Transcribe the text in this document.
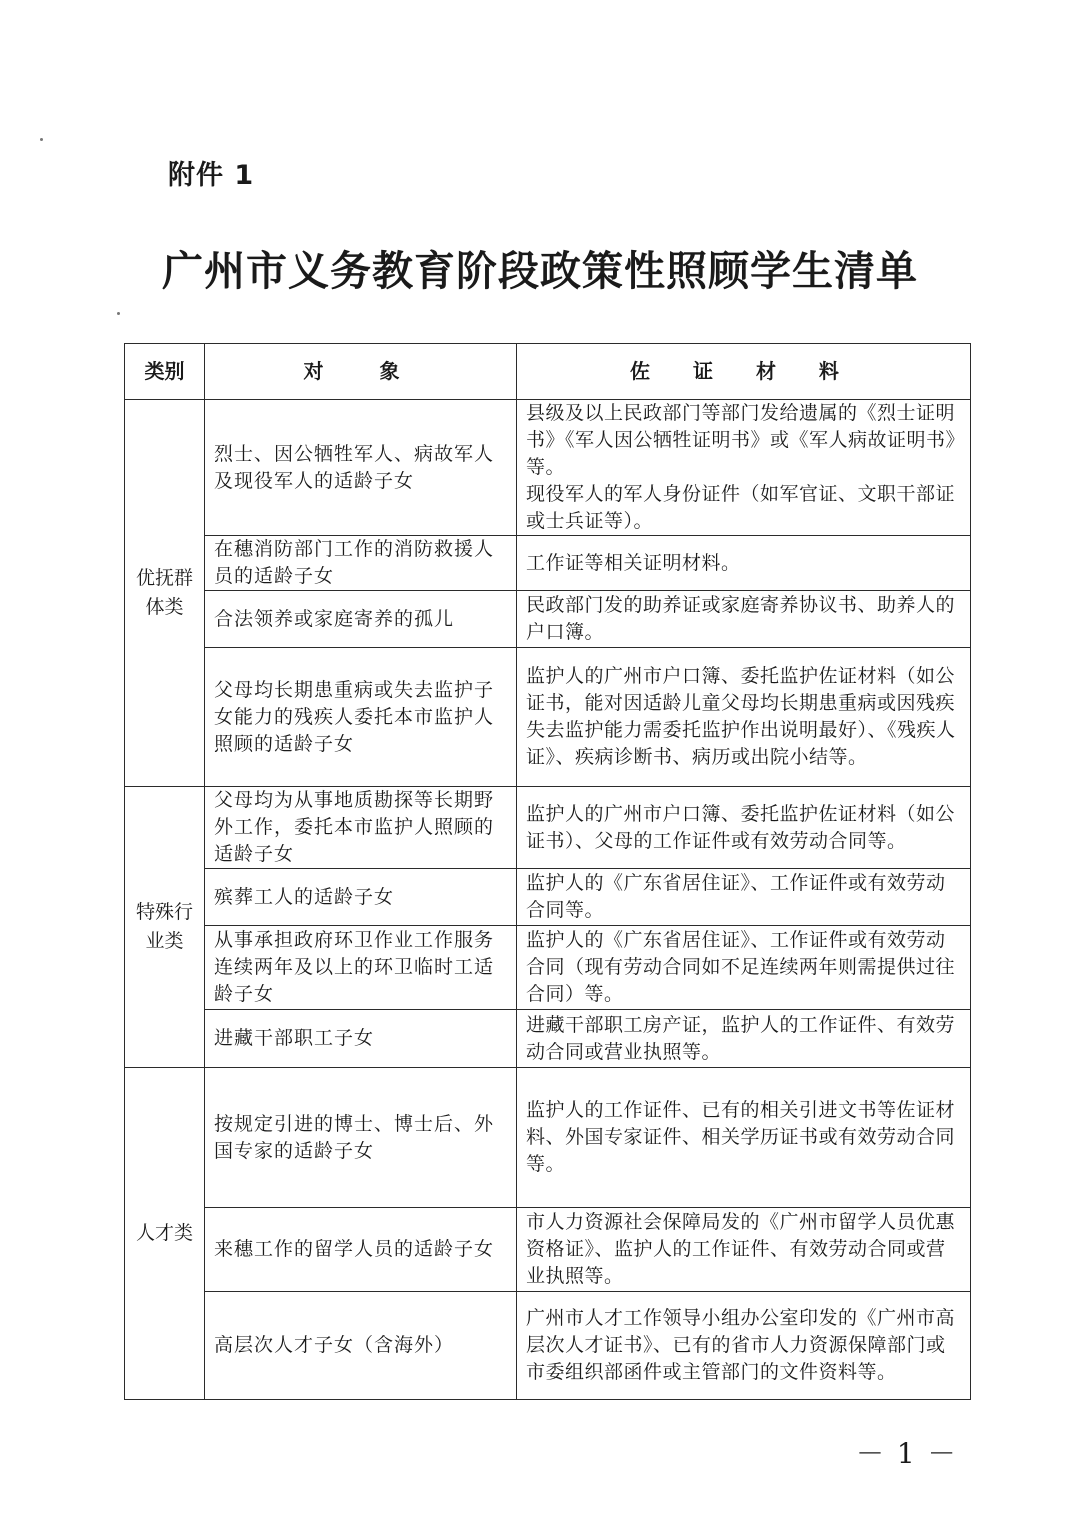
附件 1
广州市义务教育阶段政策性照顾学生清单
类别	对　象	佐 证 材 料
优抚群体类	烈士、因公牺牲军人、病故军人及现役军人的适龄子女	县级及以上民政部门等部门发给遗属的《烈士证明书》《军人因公牺牲证明书》或《军人病故证明书》等。
现役军人的军人身份证件（如军官证、文职干部证或士兵证等）。

	在穗消防部门工作的消防救援人员的适龄子女	工作证等相关证明材料。

	合法领养或家庭寄养的孤儿	民政部门发的助养证或家庭寄养协议书、助养人的户口簿。

	父母均长期患重病或失去监护子女能力的残疾人委托本市监护人照顾的适龄子女	监护人的广州市户口簿、委托监护佐证材料（如公证书，能对因适龄儿童父母均长期患重病或因残疾失去监护能力需委托监护作出说明最好）、《残疾人证》、疾病诊断书、病历或出院小结等。

特殊行业类	父母均为从事地质勘探等长期野外工作，委托本市监护人照顾的适龄子女	监护人的广州市户口簿、委托监护佐证材料（如公证书）、父母的工作证件或有效劳动合同等。

	殡葬工人的适龄子女	监护人的《广东省居住证》、工作证件或有效劳动合同等。

	从事承担政府环卫作业工作服务连续两年及以上的环卫临时工适龄子女	监护人的《广东省居住证》、工作证件或有效劳动合同（现有劳动合同如不足连续两年则需提供过往合同）等。

	进藏干部职工子女	进藏干部职工房产证，监护人的工作证件、有效劳动合同或营业执照等。

人才类	按规定引进的博士、博士后、外国专家的适龄子女	监护人的工作证件、已有的相关引进文书等佐证材料、外国专家证件、相关学历证书或有效劳动合同等。

	来穗工作的留学人员的适龄子女	市人力资源社会保障局发的《广州市留学人员优惠资格证》、监护人的工作证件、有效劳动合同或营业执照等。

	高层次人才子女（含海外）	广州市人才工作领导小组办公室印发的《广州市高层次人才证书》、已有的省市人力资源保障部门或市委组织部函件或主管部门的文件资料等。
－ 1 －
